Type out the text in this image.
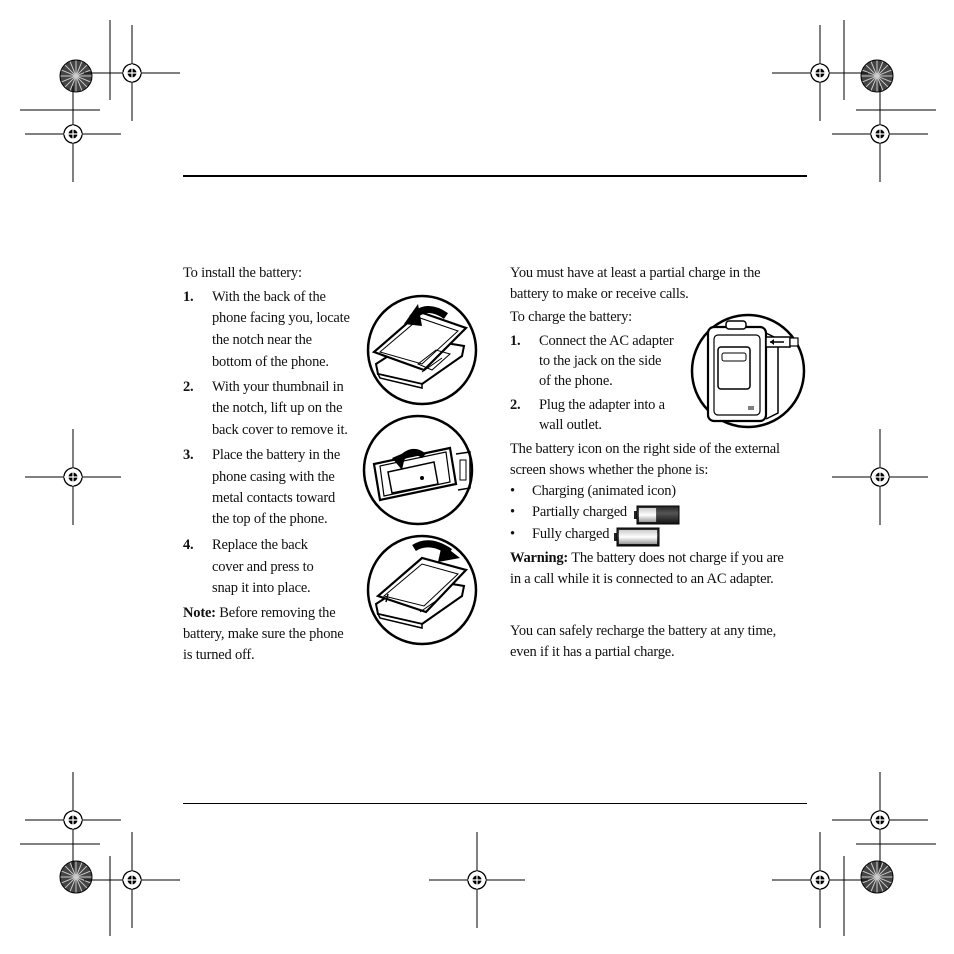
To install the battery:
1. With the back of the
phone facing you, locate
the notch near the
bottom of the phone.
2. With your thumbnail in
the notch, lift up on the
back cover to remove it.
3. Place the battery in the
phone casing with the
metal contacts toward
the top of the phone.
4. Replace the back
cover and press to
snap it into place.
Note: Before removing the
battery, make sure the phone
is turned off.
You must have at least a partial charge in the
battery to make or receive calls.
To charge the battery:
1. Connect the AC adapter
to the jack on the side
of the phone.
2. Plug the adapter into a
wall outlet.
The battery icon on the right side of the external
screen shows whether the phone is:
• Charging (animated icon)
• Partially charged
• Fully charged
Warning: The battery does not charge if you are
in a call while it is connected to an AC adapter.
You can safely recharge the battery at any time,
even if it has a partial charge.
